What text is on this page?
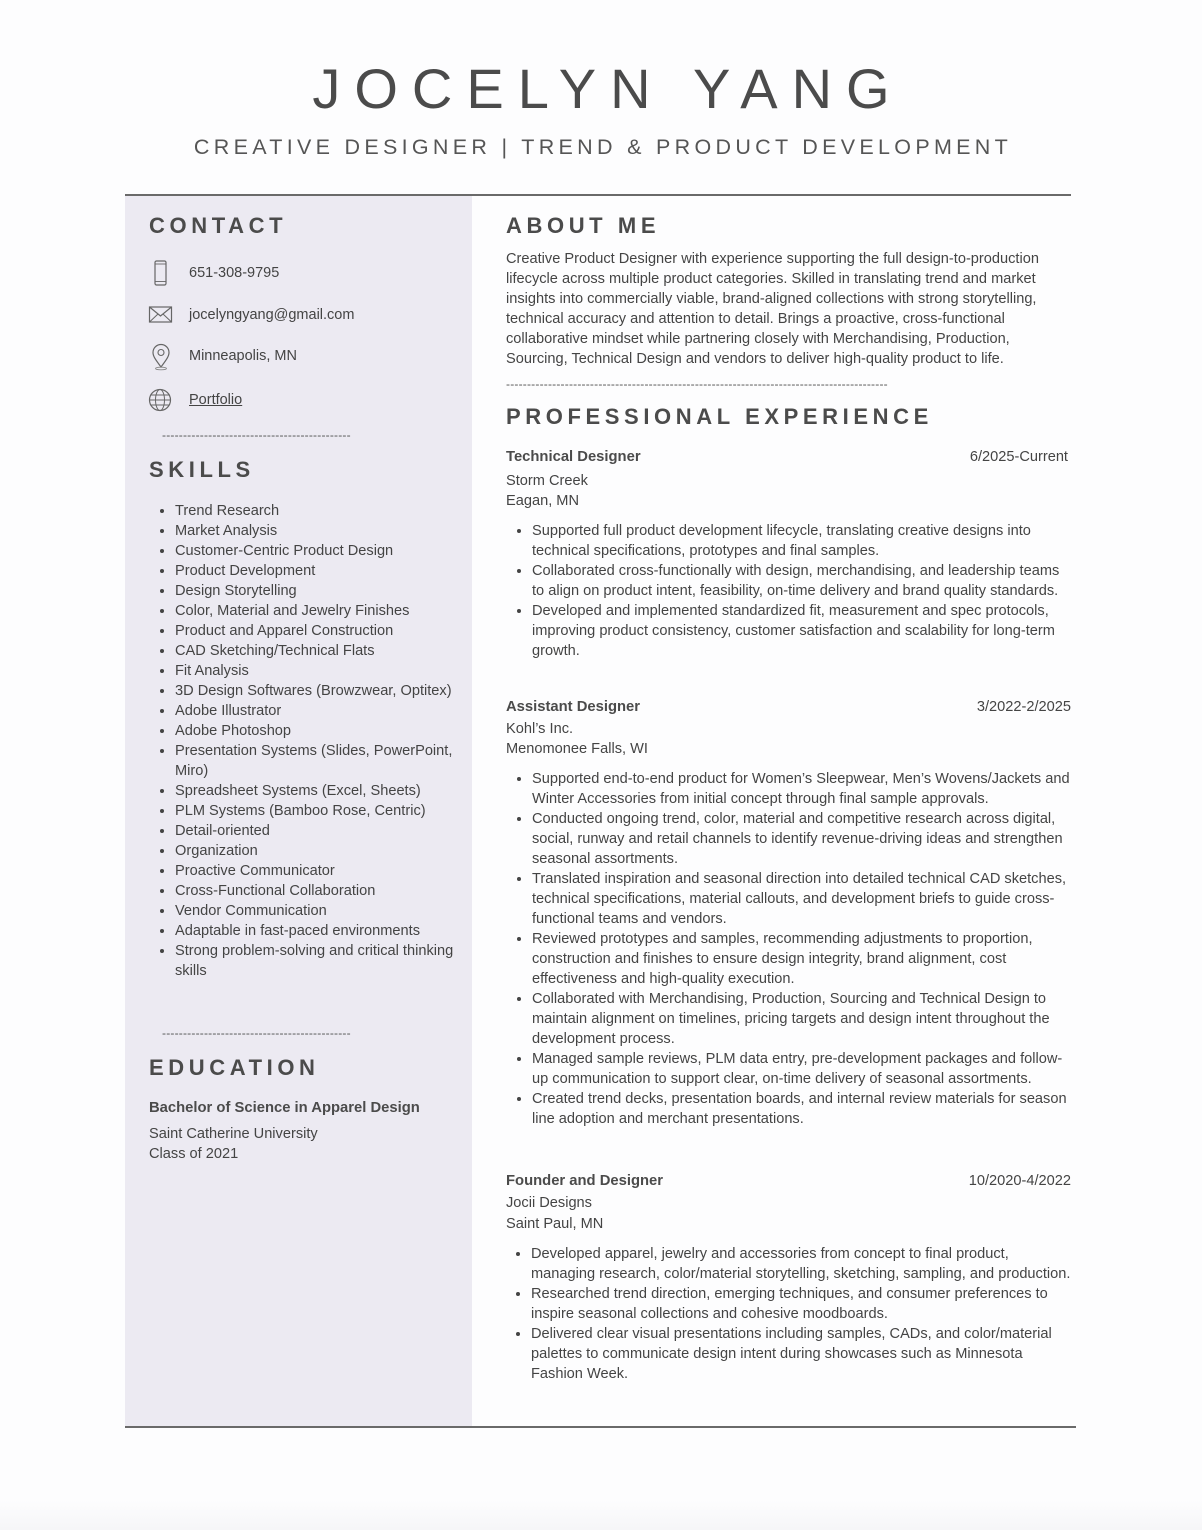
JOCELYN YANG
CREATIVE DESIGNER | TREND & PRODUCT DEVELOPMENT
CONTACT
651-308-9795
jocelyngyang@gmail.com
Minneapolis, MN
Portfolio
---------------------------------------------
SKILLS
• Trend Research
• Market Analysis
• Customer-Centric Product Design
• Product Development
• Design Storytelling
• Color, Material and Jewelry Finishes
• Product and Apparel Construction
• CAD Sketching/Technical Flats
• Fit Analysis
• 3D Design Softwares (Browzwear, Optitex)
• Adobe Illustrator
• Adobe Photoshop
• Presentation Systems (Slides, PowerPoint, Miro)
• Spreadsheet Systems (Excel, Sheets)
• PLM Systems (Bamboo Rose, Centric)
• Detail-oriented
• Organization
• Proactive Communicator
• Cross-Functional Collaboration
• Vendor Communication
• Adaptable in fast-paced environments
• Strong problem-solving and critical thinking skills
---------------------------------------------
EDUCATION
Bachelor of Science in Apparel Design
Saint Catherine University
Class of 2021
ABOUT ME

Creative Product Designer with experience supporting the full design-to-production lifecycle across multiple product categories. Skilled in translating trend and market insights into commercially viable, brand-aligned collections with strong storytelling, technical accuracy and attention to detail. Brings a proactive, cross-functional collaborative mindset while partnering closely with Merchandising, Production, Sourcing, Technical Design and vendors to deliver high-quality product to life.

-------------------------------------------------------------------------------------------
PROFESSIONAL EXPERIENCE
Technical Designer	6/2025-Current
Storm Creek
Eagan, MN
• Supported full product development lifecycle, translating creative designs into technical specifications, prototypes and final samples.
• Collaborated cross-functionally with design, merchandising, and leadership teams to align on product intent, feasibility, on-time delivery and brand quality standards.
• Developed and implemented standardized fit, measurement and spec protocols, improving product consistency, customer satisfaction and scalability for long-term growth.
Assistant Designer	3/2022-2/2025
Kohl’s Inc.
Menomonee Falls, WI
• Supported end-to-end product for Women’s Sleepwear, Men’s Wovens/Jackets and Winter Accessories from initial concept through final sample approvals.
• Conducted ongoing trend, color, material and competitive research across digital, social, runway and retail channels to identify revenue-driving ideas and strengthen seasonal assortments.
• Translated inspiration and seasonal direction into detailed technical CAD sketches, technical specifications, material callouts, and development briefs to guide cross-functional teams and vendors.
• Reviewed prototypes and samples, recommending adjustments to proportion, construction and finishes to ensure design integrity, brand alignment, cost effectiveness and high-quality execution.
• Collaborated with Merchandising, Production, Sourcing and Technical Design to maintain alignment on timelines, pricing targets and design intent throughout the development process.
• Managed sample reviews, PLM data entry, pre-development packages and follow-up communication to support clear, on-time delivery of seasonal assortments.
• Created trend decks, presentation boards, and internal review materials for season line adoption and merchant presentations.
Founder and Designer	10/2020-4/2022
Jocii Designs
Saint Paul, MN
• Developed apparel, jewelry and accessories from concept to final product, managing research, color/material storytelling, sketching, sampling, and production.
• Researched trend direction, emerging techniques, and consumer preferences to inspire seasonal collections and cohesive moodboards.
• Delivered clear visual presentations including samples, CADs, and color/material palettes to communicate design intent during showcases such as Minnesota Fashion Week.
